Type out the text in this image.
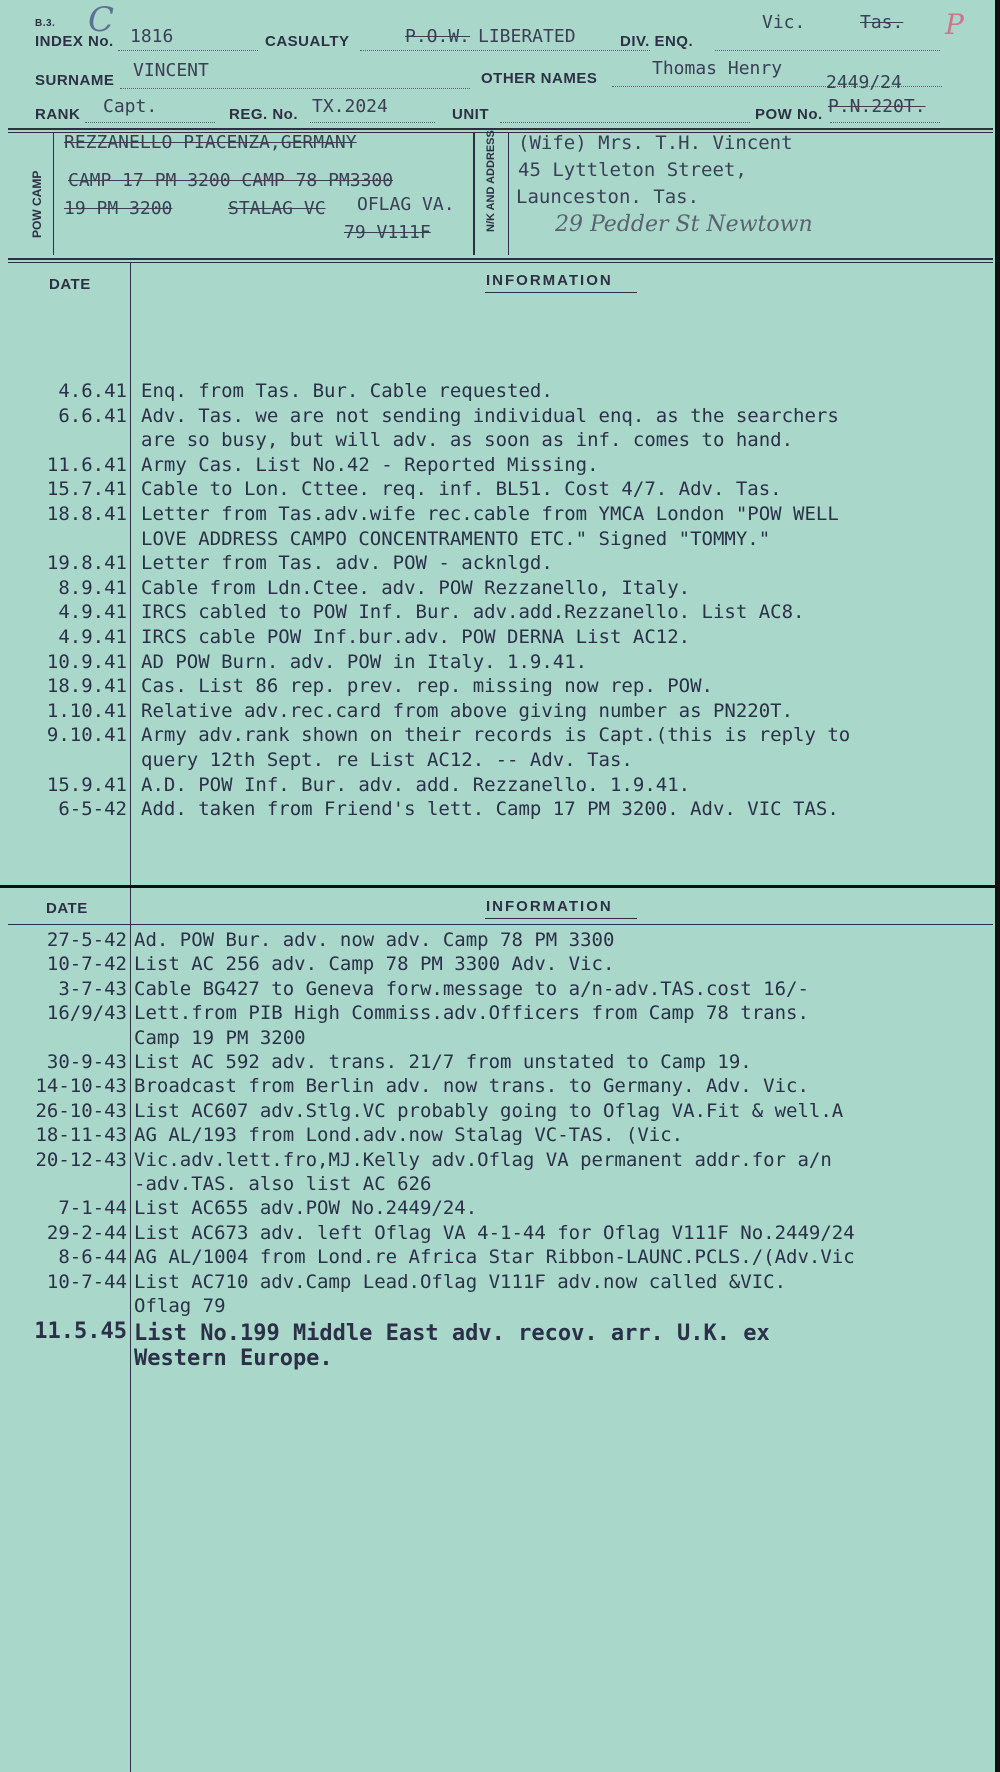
B.3. C
INDEX No. 1816	CASUALTY	P.O.W. LIBERATED	DIV. ENQ.
Vic.	Tas. P
SURNAME VINCENT	OTHER NAMES	Thomas Henry
RANK Capt.	REG. No. TX.2024	UNIT	POW No.
2449/24
P.N.220T.
POW CAMP
REZZANELLO PIACENZA,GERMANY
CAMP 17 PM 3200 CAMP 78 PM3300
19 PM 3200	STALAG VC OFLAG VA.
79 V111F
N/K AND ADDRESS (Wife) Mrs. T.H. Vincent
45 Lyttleton Street,
Launceston. Tas.
29 Pedder St Newtown
DATE	INFORMATION
4.6.41 Enq. from Tas. Bur. Cable requested.
6.6.41 Adv. Tas. we are not sending individual enq. as the searchers
are so busy, but will adv. as soon as inf. comes to hand.
11.6.41 Army Cas. List No.42 - Reported Missing.
15.7.41 Cable to Lon. Cttee. req. inf. BL51. Cost 4/7. Adv. Tas.
18.8.41 Letter from Tas.adv.wife rec.cable from YMCA London "POW WELL
LOVE ADDRESS CAMPO CONCENTRAMENTO ETC." Signed "TOMMY."
19.8.41 Letter from Tas. adv. POW - acknlgd.
8.9.41 Cable from Ldn.Ctee. adv. POW Rezzanello, Italy.
4.9.41 IRCS cabled to POW Inf. Bur. adv.add.Rezzanello. List AC8.
4.9.41 IRCS cable POW Inf.bur.adv. POW DERNA List AC12.
10.9.41 AD POW Burn. adv. POW in Italy. 1.9.41.
18.9.41 Cas. List 86 rep. prev. rep. missing now rep. POW.
1.10.41 Relative adv.rec.card from above giving number as PN220T.
9.10.41 Army adv.rank shown on their records is Capt.(this is reply to
query 12th Sept. re List AC12. -- Adv. Tas.
15.9.41 A.D. POW Inf. Bur. adv. add. Rezzanello. 1.9.41.
6-5-42 Add. taken from Friend's lett. Camp 17 PM 3200. Adv. VIC TAS.
DATE	INFORMATION
27-5-42 Ad. POW Bur. adv. now adv. Camp 78 PM 3300
10-7-42 List AC 256 adv. Camp 78 PM 3300 Adv. Vic.
3-7-43 Cable BG427 to Geneva forw.message to a/n-adv.TAS.cost 16/-
16/9/43 Lett.from PIB High Commiss.adv.Officers from Camp 78 trans.
Camp 19 PM 3200
30-9-43 List AC 592 adv. trans. 21/7 from unstated to Camp 19.
14-10-43 Broadcast from Berlin adv. now trans. to Germany. Adv. Vic.
26-10-43 List AC607 adv.Stlg.VC probably going to Oflag VA.Fit & well.A
18-11-43 AG AL/193 from Lond.adv.now Stalag VC-TAS. (Vic.
20-12-43 Vic.adv.lett.fro,MJ.Kelly adv.Oflag VA permanent addr.for a/n
-adv.TAS. also list AC 626
7-1-44 List AC655 adv.POW No.2449/24.
29-2-44 List AC673 adv. left Oflag VA 4-1-44 for Oflag V111F No.2449/24
8-6-44 AG AL/1004 from Lond.re Africa Star Ribbon-LAUNC.PCLS./(Adv.Vic
10-7-44 List AC710 adv.Camp Lead.Oflag V111F adv.now called &VIC.
Oflag 79
11.5.45 List No.199 Middle East adv. recov. arr. U.K. ex
Western Europe.
